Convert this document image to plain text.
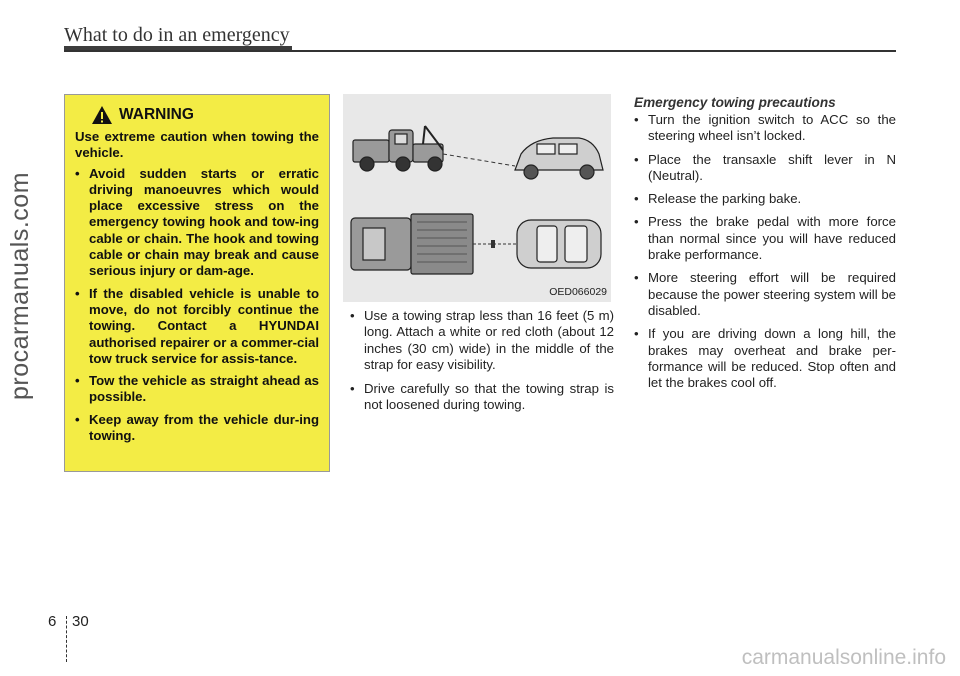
What to do in an emergency
procarmanuals.com
carmanualsonline.info
WARNING

Use extreme caution when towing the vehicle.

• Avoid sudden starts or erratic driving manoeuvres which would place excessive stress on the emergency towing hook and tow-ing cable or chain. The hook and towing cable or chain may break and cause serious injury or dam-age.
• If the disabled vehicle is unable to move, do not forcibly continue the towing. Contact a HYUNDAI authorised repairer or a commer-cial tow truck service for assis-tance.
• Tow the vehicle as straight ahead as possible.
• Keep away from the vehicle dur-ing towing.
OED066029
• Use a towing strap less than 16 feet (5 m) long. Attach a white or red cloth (about 12 inches (30 cm) wide) in the middle of the strap for easy visibility.
• Drive carefully so that the towing strap is not loosened during towing.
Emergency towing precautions
• Turn the ignition switch to ACC so the steering wheel isn’t locked.
• Place the transaxle shift lever in N (Neutral).
• Release the parking bake.
• Press the brake pedal with more force than normal since you will have reduced brake performance.
• More steering effort will be required because the power steering system will be disabled.
• If you are driving down a long hill, the brakes may overheat and brake per-formance will be reduced. Stop often and let the brakes cool off.
6 30
